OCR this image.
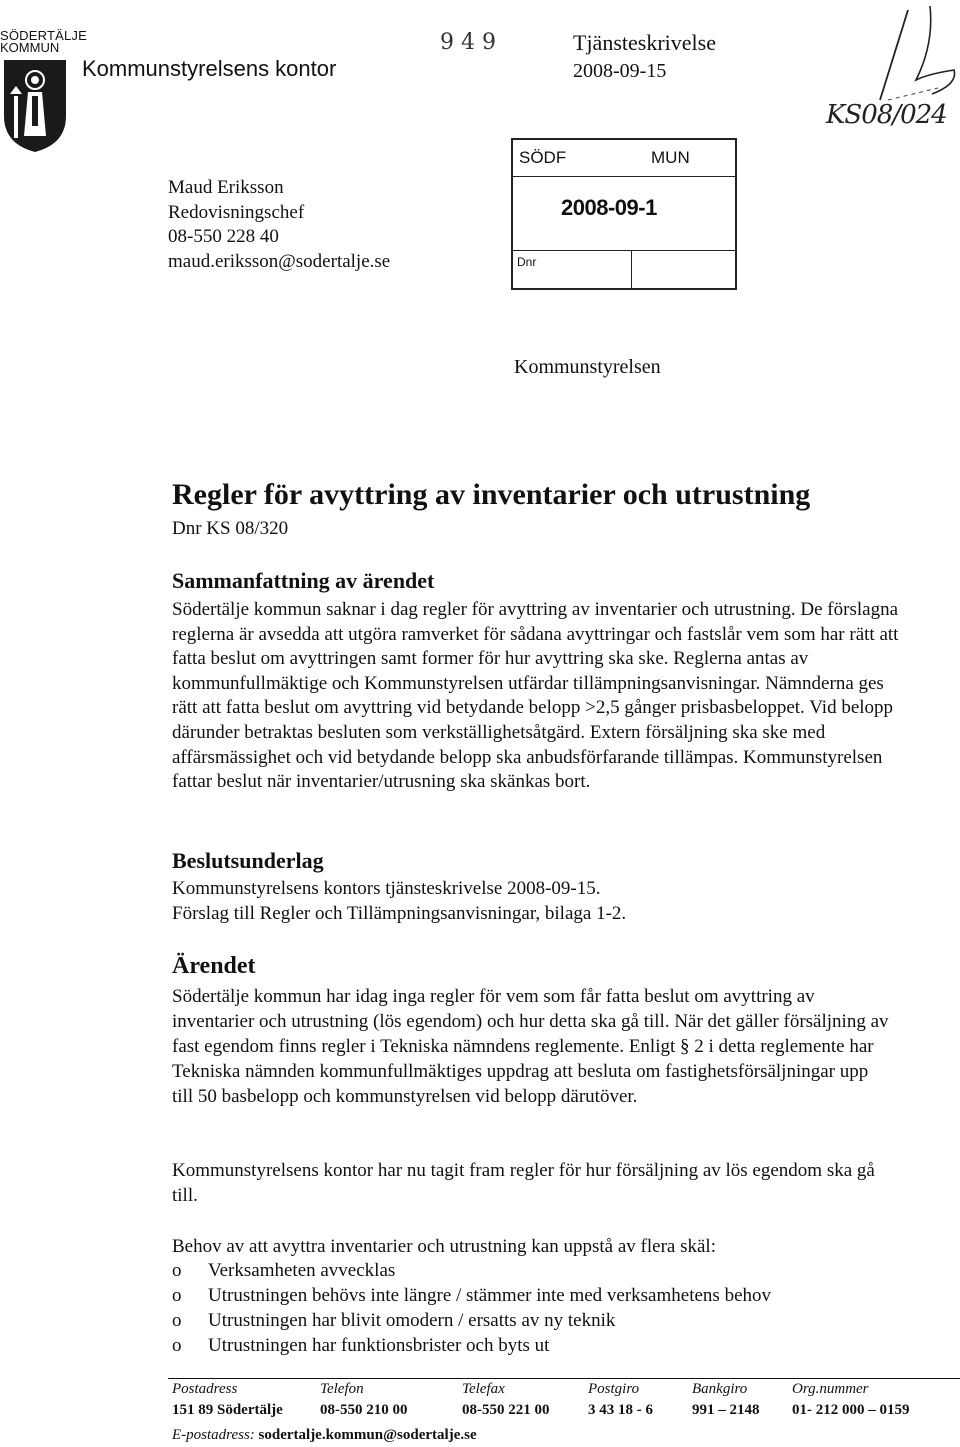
SÖDERTÄLJE
KOMMUN
Kommunstyrelsens kontor
9 4 9	Tjänsteskrivelse
2008-09-15
KS08/024
Maud Eriksson
Redovisningschef
08-550 228 40
maud.eriksson@sodertalje.se
SÖDF	MUN
2008-09-1
Dnr
Kommunstyrelsen
Regler för avyttring av inventarier och utrustning
Dnr KS 08/320
Sammanfattning av ärendet
Södertälje kommun saknar i dag regler för avyttring av inventarier och utrustning. De förslagna reglerna är avsedda att utgöra ramverket för sådana avyttringar och fastslår vem som har rätt att fatta beslut om avyttringen samt former för hur avyttring ska ske. Reglerna antas av kommunfullmäktige och Kommunstyrelsen utfärdar tillämpningsanvisningar. Nämnderna ges rätt att fatta beslut om avyttring vid betydande belopp >2,5 gånger prisbasbeloppet. Vid belopp därunder betraktas besluten som verkställighetsåtgärd. Extern försäljning ska ske med affärsmässighet och vid betydande belopp ska anbudsförfarande tillämpas. Kommunstyrelsen fattar beslut när inventarier/utrusning ska skänkas bort.
Beslutsunderlag
Kommunstyrelsens kontors tjänsteskrivelse 2008-09-15.
Förslag till Regler och Tillämpningsanvisningar, bilaga 1-2.
Ärendet
Södertälje kommun har idag inga regler för vem som får fatta beslut om avyttring av inventarier och utrustning (lös egendom) och hur detta ska gå till. När det gäller försäljning av fast egendom finns regler i Tekniska nämndens reglemente. Enligt § 2 i detta reglemente har Tekniska nämnden kommunfullmäktiges uppdrag att besluta om fastighetsförsäljningar upp till 50 basbelopp och kommunstyrelsen vid belopp därutöver.
Kommunstyrelsens kontor har nu tagit fram regler för hur försäljning av lös egendom ska gå till.
Behov av att avyttra inventarier och utrustning kan uppstå av flera skäl:
o Verksamheten avvecklas
o Utrustningen behövs inte längre / stämmer inte med verksamhetens behov
o Utrustningen har blivit omodern / ersatts av ny teknik
o Utrustningen har funktionsbrister och byts ut
Postadress
151 89 Södertälje
Telefon
08-550 210 00
Telefax
08-550 221 00
Postgiro
3 43 18 - 6
Bankgiro
991 – 2148
Org.nummer
01- 212 000 – 0159
E-postadress: sodertalje.kommun@sodertalje.se
